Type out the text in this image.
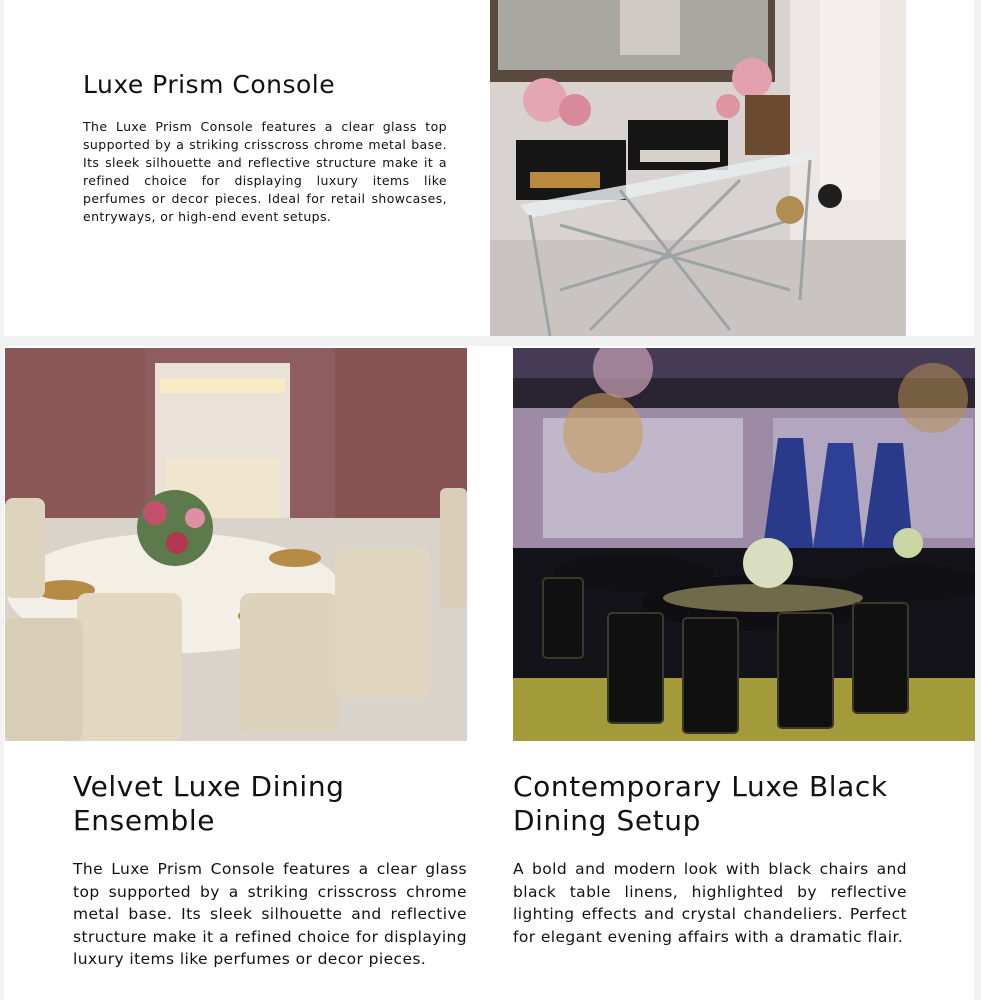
Luxe Prism Console

The Luxe Prism Console features a clear glass top supported by a striking crisscross chrome metal base. Its sleek silhouette and reflective structure make it a refined choice for displaying luxury items like perfumes or decor pieces. Ideal for retail showcases, entryways, or high-end event setups.

Velvet Luxe Dining Ensemble

The Luxe Prism Console features a clear glass top supported by a striking crisscross chrome metal base. Its sleek silhouette and reflective structure make it a refined choice for displaying luxury items like perfumes or decor pieces.

Contemporary Luxe Black Dining Setup

A bold and modern look with black chairs and black table linens, highlighted by reflective lighting effects and crystal chandeliers. Perfect for elegant evening affairs with a dramatic flair.
